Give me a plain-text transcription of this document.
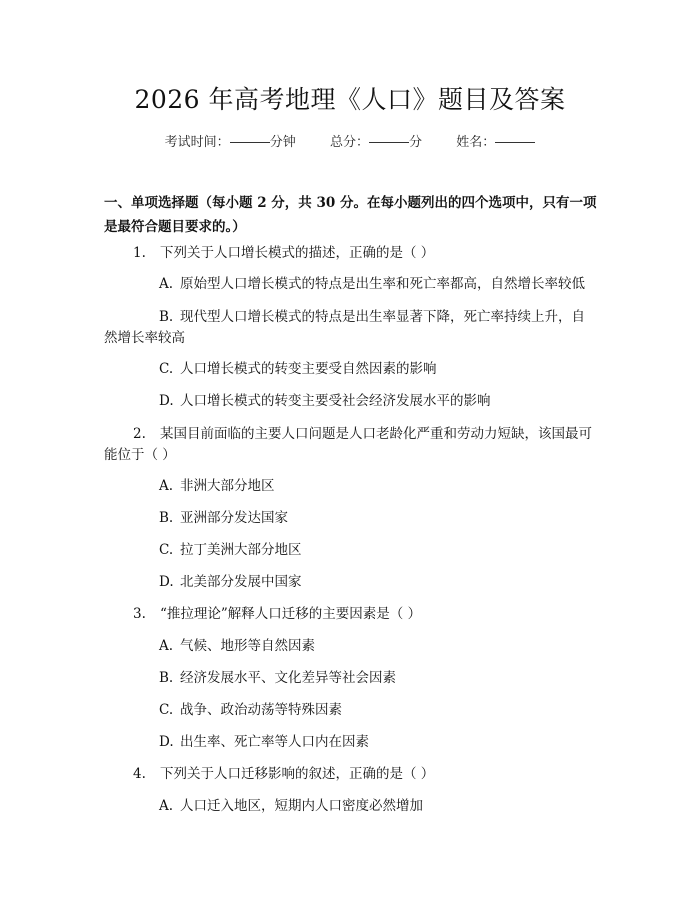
2026 年高考地理《人口》题目及答案
考试时间：	分钟	总分：	分	姓名：
一、单项选择题（每小题 2 分，共 30 分。在每小题列出的四个选项中，只有一项
是最符合题目要求的。）
1. 下列关于人口增长模式的描述，正确的是（ ）
A. 原始型人口增长模式的特点是出生率和死亡率都高，自然增长率较低
B. 现代型人口增长模式的特点是出生率显著下降，死亡率持续上升，自
然增长率较高
C. 人口增长模式的转变主要受自然因素的影响
D. 人口增长模式的转变主要受社会经济发展水平的影响
2. 某国目前面临的主要人口问题是人口老龄化严重和劳动力短缺，该国最可
能位于（ ）
A. 非洲大部分地区
B. 亚洲部分发达国家
C. 拉丁美洲大部分地区
D. 北美部分发展中国家
3. “推拉理论”解释人口迁移的主要因素是（ ）
A. 气候、地形等自然因素
B. 经济发展水平、文化差异等社会因素
C. 战争、政治动荡等特殊因素
D. 出生率、死亡率等人口内在因素
4. 下列关于人口迁移影响的叙述，正确的是（ ）
A. 人口迁入地区，短期内人口密度必然增加
